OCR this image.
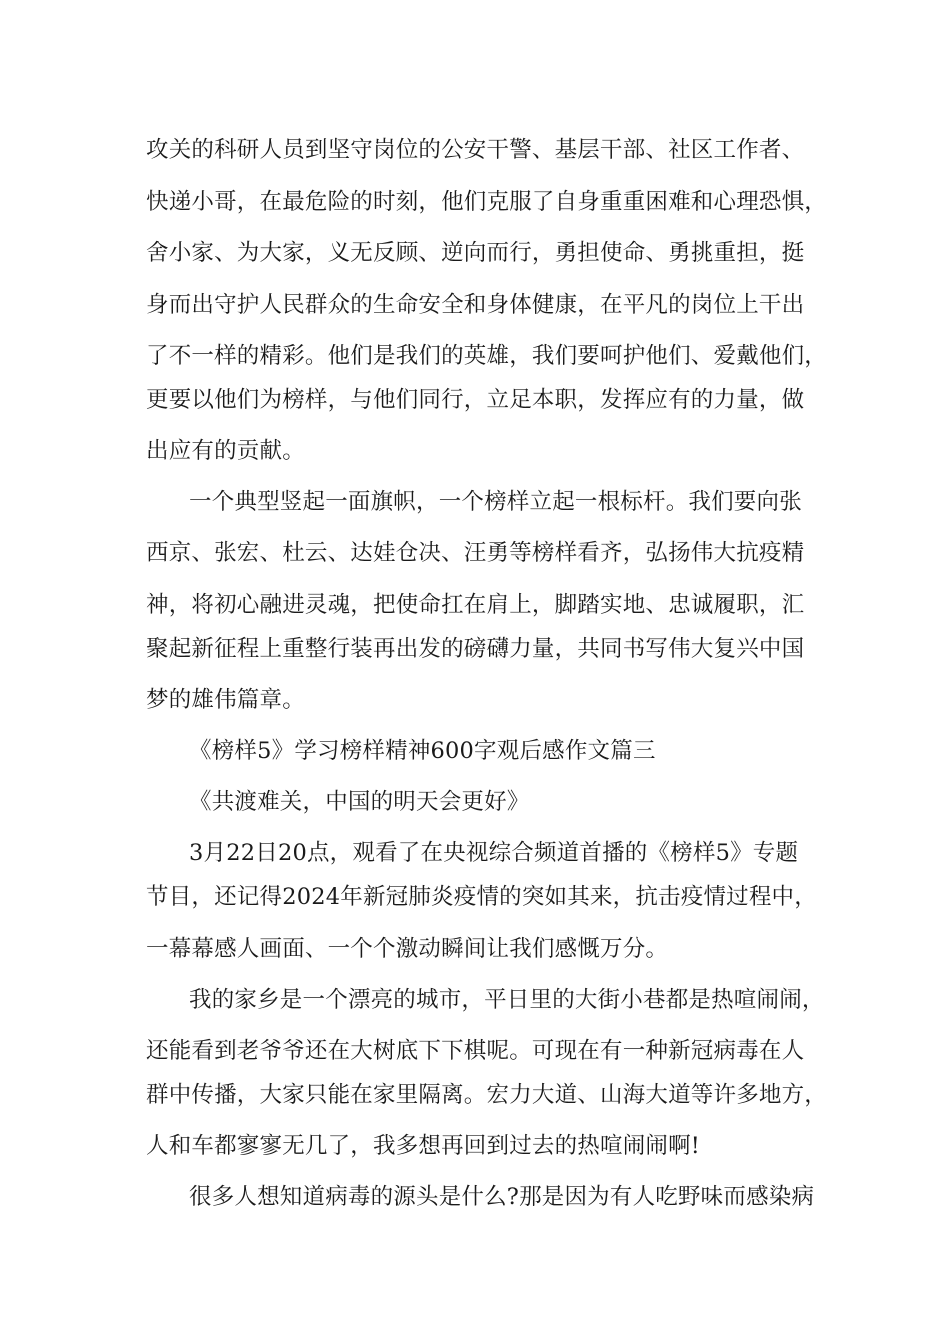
攻关的科研人员到坚守岗位的公安干警、基层干部、社区工作者、
快递小哥，在最危险的时刻，他们克服了自身重重困难和心理恐惧，
舍小家、为大家，义无反顾、逆向而行，勇担使命、勇挑重担，挺
身而出守护人民群众的生命安全和身体健康，在平凡的岗位上干出
了不一样的精彩。他们是我们的英雄，我们要呵护他们、爱戴他们，
更要以他们为榜样，与他们同行，立足本职，发挥应有的力量，做
出应有的贡献。
一个典型竖起一面旗帜，一个榜样立起一根标杆。我们要向张
西京、张宏、杜云、达娃仓决、汪勇等榜样看齐，弘扬伟大抗疫精
神，将初心融进灵魂，把使命扛在肩上，脚踏实地、忠诚履职，汇
聚起新征程上重整行装再出发的磅礴力量，共同书写伟大复兴中国
梦的雄伟篇章。
《榜样5》学习榜样精神600字观后感作文篇三
《共渡难关，中国的明天会更好》
3月22日20点，观看了在央视综合频道首播的《榜样5》专题
节目，还记得2024年新冠肺炎疫情的突如其来，抗击疫情过程中，
一幕幕感人画面、一个个激动瞬间让我们感慨万分。
我的家乡是一个漂亮的城市，平日里的大街小巷都是热喧闹闹，
还能看到老爷爷还在大树底下下棋呢。可现在有一种新冠病毒在人
群中传播，大家只能在家里隔离。宏力大道、山海大道等许多地方，
人和车都寥寥无几了，我多想再回到过去的热喧闹闹啊!
很多人想知道病毒的源头是什么?那是因为有人吃野味而感染病
